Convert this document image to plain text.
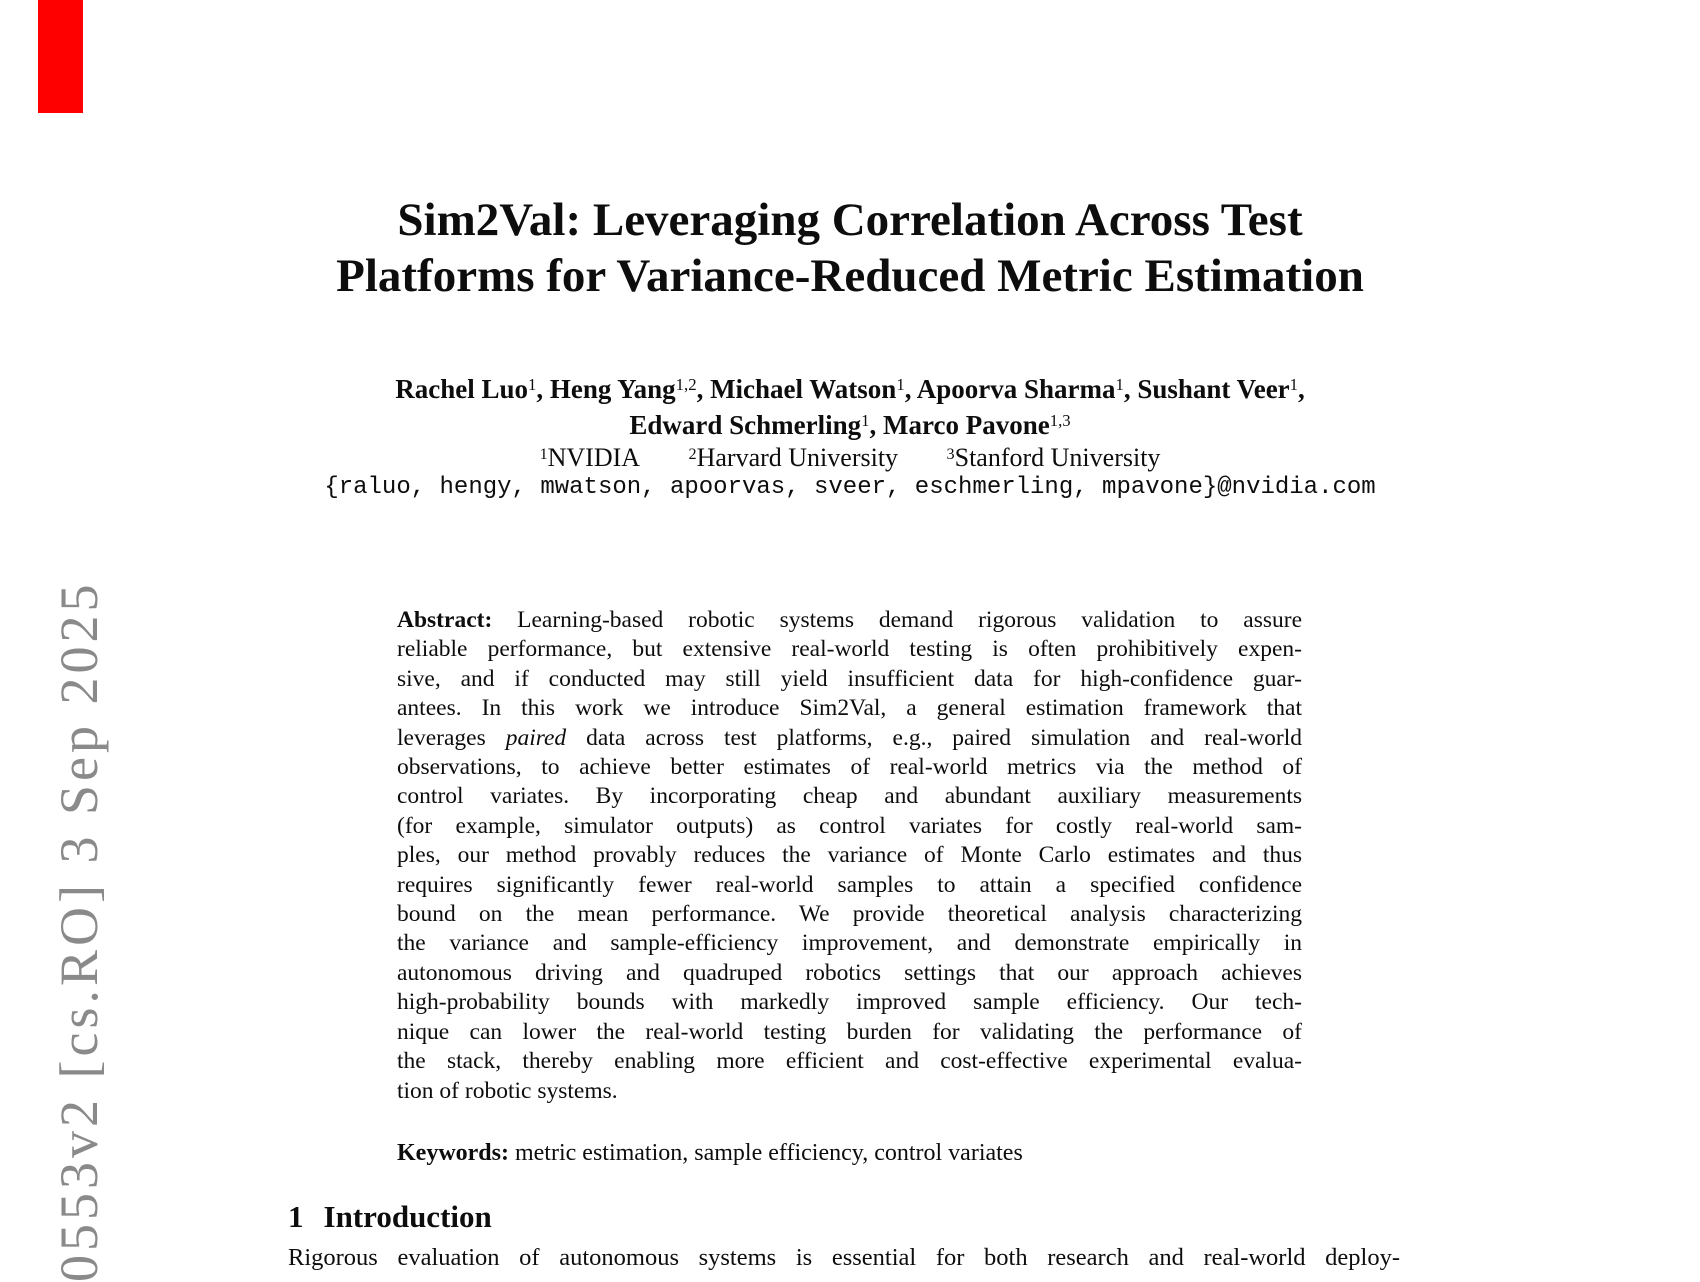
0553v2 [cs.RO] 3 Sep 2025
Sim2Val: Leveraging Correlation Across Test
Platforms for Variance-Reduced Metric Estimation
Rachel Luo$^1$, Heng Yang$^{1,2}$, Michael Watson$^1$, Apoorva Sharma$^1$, Sushant Veer$^1$,
Edward Schmerling$^1$, Marco Pavone$^{1,3}$
$^1$NVIDIA	$^2$Harvard University	$^3$Stanford University
{raluo, hengy, mwatson, apoorvas, sveer, eschmerling, mpavone}@nvidia.com
Abstract: Learning-based robotic systems demand rigorous validation to assure
reliable performance, but extensive real-world testing is often prohibitively expen-
sive, and if conducted may still yield insufficient data for high-confidence guar-
antees. In this work we introduce Sim2Val, a general estimation framework that
leverages paired data across test platforms, e.g., paired simulation and real-world
observations, to achieve better estimates of real-world metrics via the method of
control variates. By incorporating cheap and abundant auxiliary measurements
(for example, simulator outputs) as control variates for costly real-world sam-
ples, our method provably reduces the variance of Monte Carlo estimates and thus
requires significantly fewer real-world samples to attain a specified confidence
bound on the mean performance. We provide theoretical analysis characterizing
the variance and sample-efficiency improvement, and demonstrate empirically in
autonomous driving and quadruped robotics settings that our approach achieves
high-probability bounds with markedly improved sample efficiency. Our tech-
nique can lower the real-world testing burden for validating the performance of
the stack, thereby enabling more efficient and cost-effective experimental evalua-
tion of robotic systems.
Keywords: metric estimation, sample efficiency, control variates
1 Introduction
Rigorous evaluation of autonomous systems is essential for both research and real-world deploy-
